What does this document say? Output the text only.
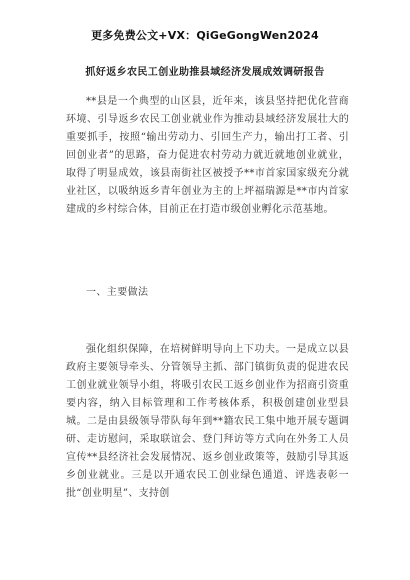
更多免费公文+VX：QiGeGongWen2024
抓好返乡农民工创业助推县域经济发展成效调研报告

**县是一个典型的山区县，近年来，该县坚持把优化营商环境、引导返乡农民工创业就业作为推动县域经济发展壮大的重要抓手，按照“输出劳动力、引回生产力，输出打工者、引回创业者”的思路，奋力促进农村劳动力就近就地创业就业，取得了明显成效，该县南街社区被授予**市首家国家级充分就业社区，以吸纳返乡青年创业为主的上坪福瑞源是**市内首家建成的乡村综合体，目前正在打造市级创业孵化示范基地。

一、主要做法

强化组织保障，在培树鲜明导向上下功夫。一是成立以县政府主要领导牵头、分管领导主抓、部门镇街负责的促进农民工创业就业领导小组，将吸引农民工返乡创业作为招商引资重要内容，纳入目标管理和工作考核体系，积极创建创业型县城。二是由县级领导带队每年到**籍农民工集中地开展专题调研、走访慰问，采取联谊会、登门拜访等方式向在外务工人员宣传**县经济社会发展情况、返乡创业政策等，鼓励引导其返乡创业就业。三是以开通农民工创业绿色通道、评选表彰一批“创业明星”、支持创
